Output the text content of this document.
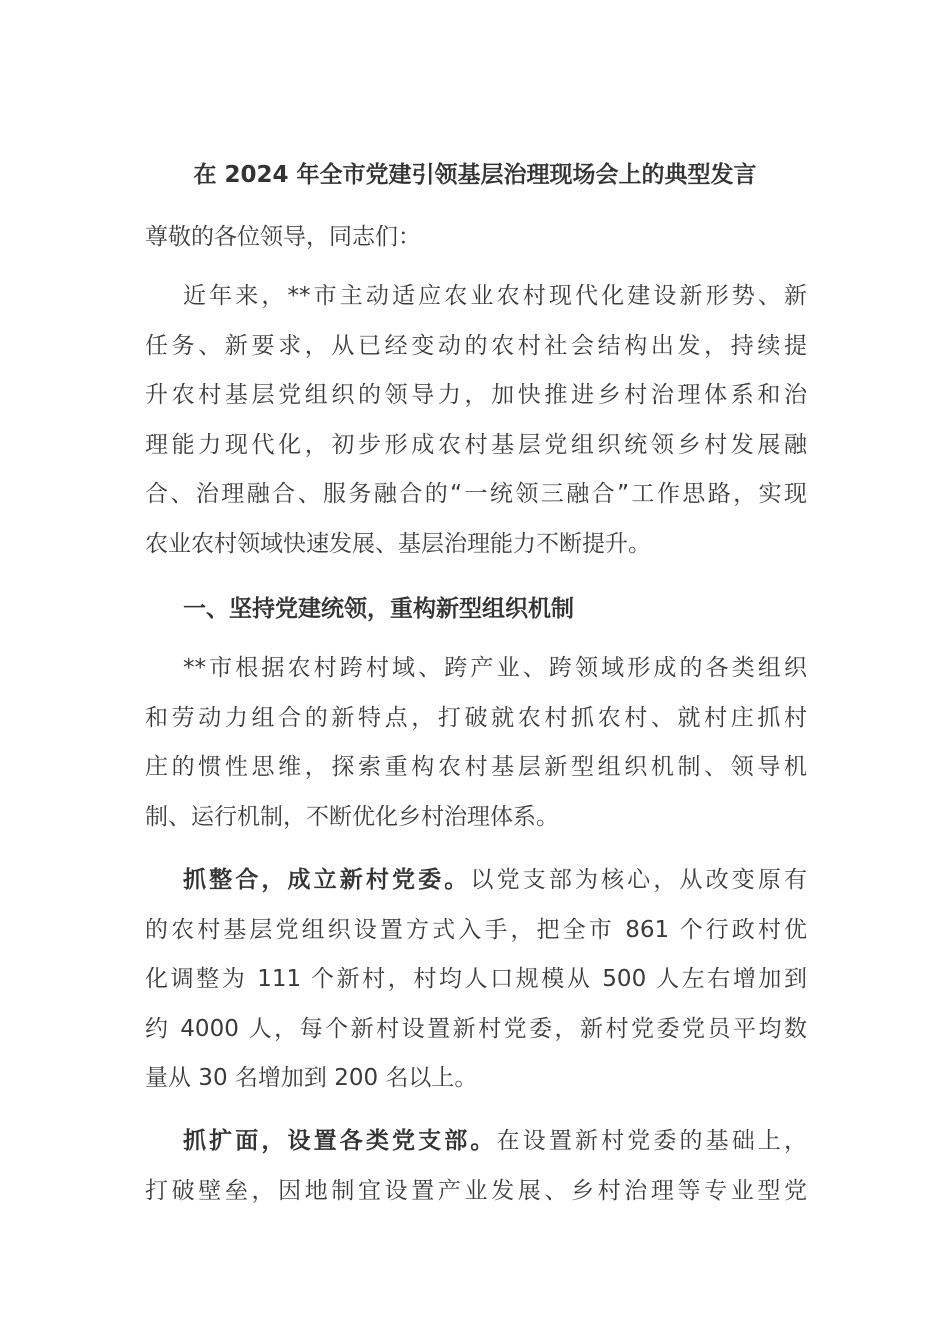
在 2024 年全市党建引领基层治理现场会上的典型发言
尊敬的各位领导，同志们：
近年来，**市主动适应农业农村现代化建设新形势、新
任务、新要求，从已经变动的农村社会结构出发，持续提
升农村基层党组织的领导力，加快推进乡村治理体系和治
理能力现代化，初步形成农村基层党组织统领乡村发展融
合、治理融合、服务融合的“一统领三融合”工作思路，实现
农业农村领域快速发展、基层治理能力不断提升。
一、坚持党建统领，重构新型组织机制
**市根据农村跨村域、跨产业、跨领域形成的各类组织
和劳动力组合的新特点，打破就农村抓农村、就村庄抓村
庄的惯性思维，探索重构农村基层新型组织机制、领导机
制、运行机制，不断优化乡村治理体系。
抓整合，成立新村党委。以党支部为核心，从改变原有
的农村基层党组织设置方式入手，把全市 861 个行政村优
化调整为 111 个新村，村均人口规模从 500 人左右增加到
约 4000 人，每个新村设置新村党委，新村党委党员平均数
量从 30 名增加到 200 名以上。
抓扩面，设置各类党支部。在设置新村党委的基础上，
打破壁垒，因地制宜设置产业发展、乡村治理等专业型党
